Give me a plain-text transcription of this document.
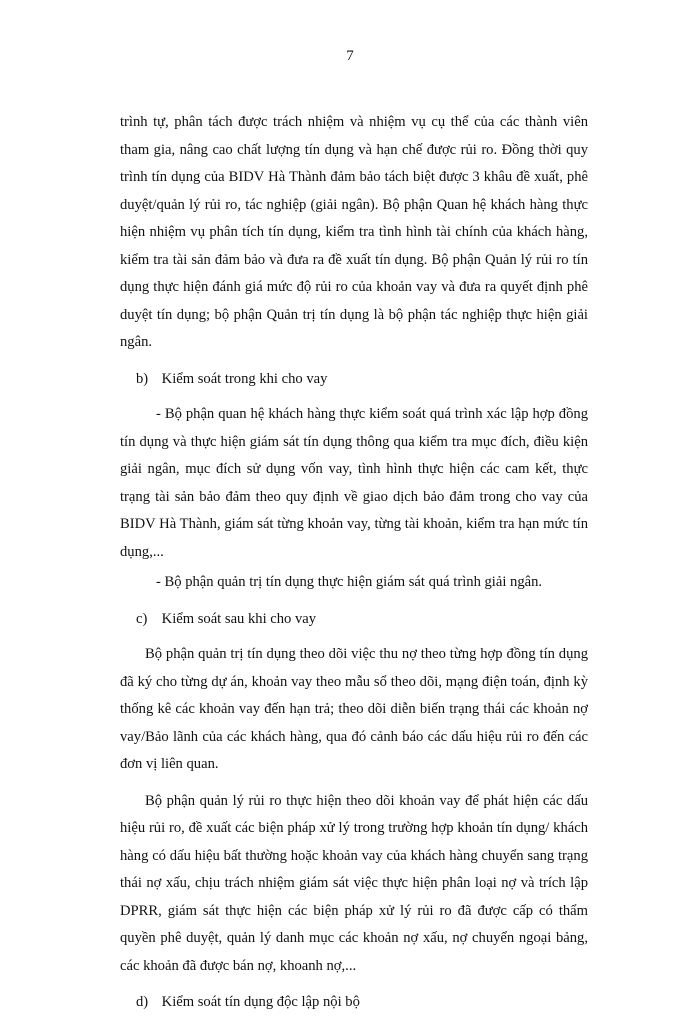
7

trình tự, phân tách được trách nhiệm và nhiệm vụ cụ thể của các thành viên tham gia, nâng cao chất lượng tín dụng và hạn chế được rủi ro. Đồng thời quy trình tín dụng của BIDV Hà Thành đảm bảo tách biệt được 3 khâu đề xuất, phê duyệt/quản lý rủi ro, tác nghiệp (giải ngân). Bộ phận Quan hệ khách hàng thực hiện nhiệm vụ phân tích tín dụng, kiểm tra tình hình tài chính của khách hàng, kiểm tra tài sản đảm bảo và đưa ra đề xuất tín dụng. Bộ phận Quản lý rủi ro tín dụng thực hiện đánh giá mức độ rủi ro của khoản vay và đưa ra quyết định phê duyệt tín dụng; bộ phận Quản trị tín dụng là bộ phận tác nghiệp thực hiện giải ngân.

b) Kiểm soát trong khi cho vay

- Bộ phận quan hệ khách hàng thực kiểm soát quá trình xác lập hợp đồng tín dụng và thực hiện giám sát tín dụng thông qua kiểm tra mục đích, điều kiện giải ngân, mục đích sử dụng vốn vay, tình hình thực hiện các cam kết, thực trạng tài sản bảo đảm theo quy định về giao dịch bảo đảm trong cho vay của BIDV Hà Thành, giám sát từng khoản vay, từng tài khoản, kiểm tra hạn mức tín dụng,...

- Bộ phận quản trị tín dụng thực hiện giám sát quá trình giải ngân.

c) Kiểm soát sau khi cho vay

Bộ phận quản trị tín dụng theo dõi việc thu nợ theo từng hợp đồng tín dụng đã ký cho từng dự án, khoản vay theo mẫu sổ theo dõi, mạng điện toán, định kỳ thống kê các khoản vay đến hạn trả; theo dõi diễn biến trạng thái các khoản nợ vay/Bảo lãnh của các khách hàng, qua đó cảnh báo các dấu hiệu rủi ro đến các đơn vị liên quan.

Bộ phận quản lý rủi ro thực hiện theo dõi khoản vay để phát hiện các dấu hiệu rủi ro, đề xuất các biện pháp xử lý trong trường hợp khoản tín dụng/ khách hàng có dấu hiệu bất thường hoặc khoản vay của khách hàng chuyển sang trạng thái nợ xấu, chịu trách nhiệm giám sát việc thực hiện phân loại nợ và trích lập DPRR, giám sát thực hiện các biện pháp xử lý rủi ro đã được cấp có thẩm quyền phê duyệt, quản lý danh mục các khoản nợ xấu, nợ chuyển ngoại bảng, các khoản đã được bán nợ, khoanh nợ,...

d) Kiểm soát tín dụng độc lập nội bộ
